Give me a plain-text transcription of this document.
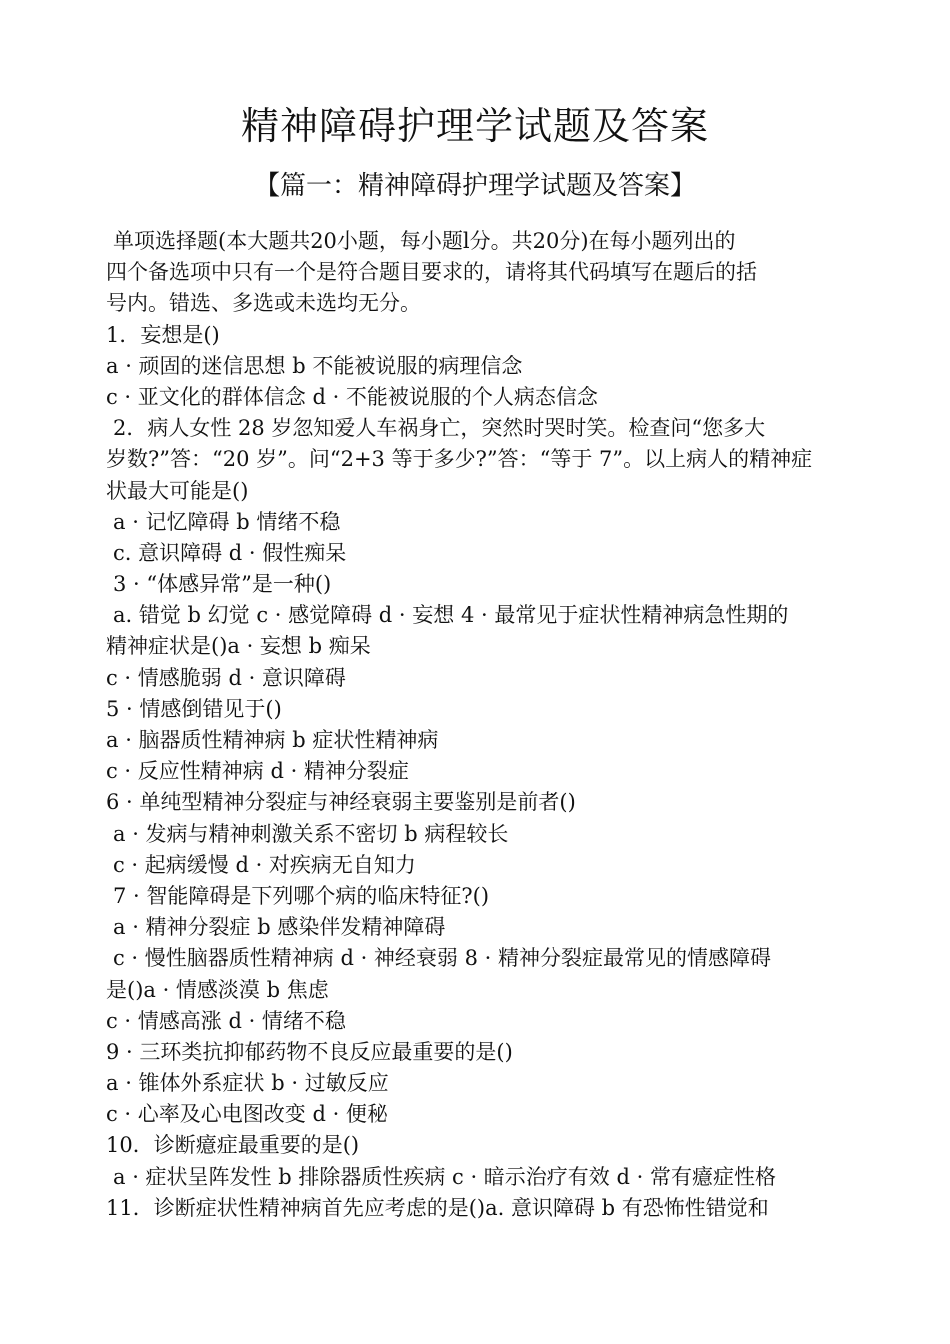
精神障碍护理学试题及答案
【篇一：精神障碍护理学试题及答案】
单项选择题(本大题共20小题，每小题l分。共20分)在每小题列出的
四个备选项中只有一个是符合题目要求的，请将其代码填写在题后的括
号内。错选、多选或未选均无分。
1．妄想是()
a · 顽固的迷信思想 b 不能被说服的病理信念
c · 亚文化的群体信念 d · 不能被说服的个人病态信念
2．病人女性 28 岁忽知爱人车祸身亡，突然时哭时笑。检查问“您多大
岁数?”答：“20 岁”。问“2+3 等于多少?”答：“等于 7”。以上病人的精神症
状最大可能是()
a · 记忆障碍 b 情绪不稳
c. 意识障碍 d · 假性痴呆
3 · “体感异常”是一种()
a. 错觉 b 幻觉 c · 感觉障碍 d · 妄想 4 · 最常见于症状性精神病急性期的
精神症状是()a · 妄想 b 痴呆
c · 情感脆弱 d · 意识障碍
5 · 情感倒错见于()
a · 脑器质性精神病 b 症状性精神病
c · 反应性精神病 d · 精神分裂症
6 · 单纯型精神分裂症与神经衰弱主要鉴别是前者()
a · 发病与精神刺激关系不密切 b 病程较长
c · 起病缓慢 d · 对疾病无自知力
7 · 智能障碍是下列哪个病的临床特征?()
a · 精神分裂症 b 感染伴发精神障碍
c · 慢性脑器质性精神病 d · 神经衰弱 8 · 精神分裂症最常见的情感障碍
是()a · 情感淡漠 b 焦虑
c · 情感高涨 d · 情绪不稳
9 · 三环类抗抑郁药物不良反应最重要的是()
a · 锥体外系症状 b · 过敏反应
c · 心率及心电图改变 d · 便秘
10．诊断癔症最重要的是()
a · 症状呈阵发性 b 排除器质性疾病 c · 暗示治疗有效 d · 常有癔症性格
11．诊断症状性精神病首先应考虑的是()a. 意识障碍 b 有恐怖性错觉和
